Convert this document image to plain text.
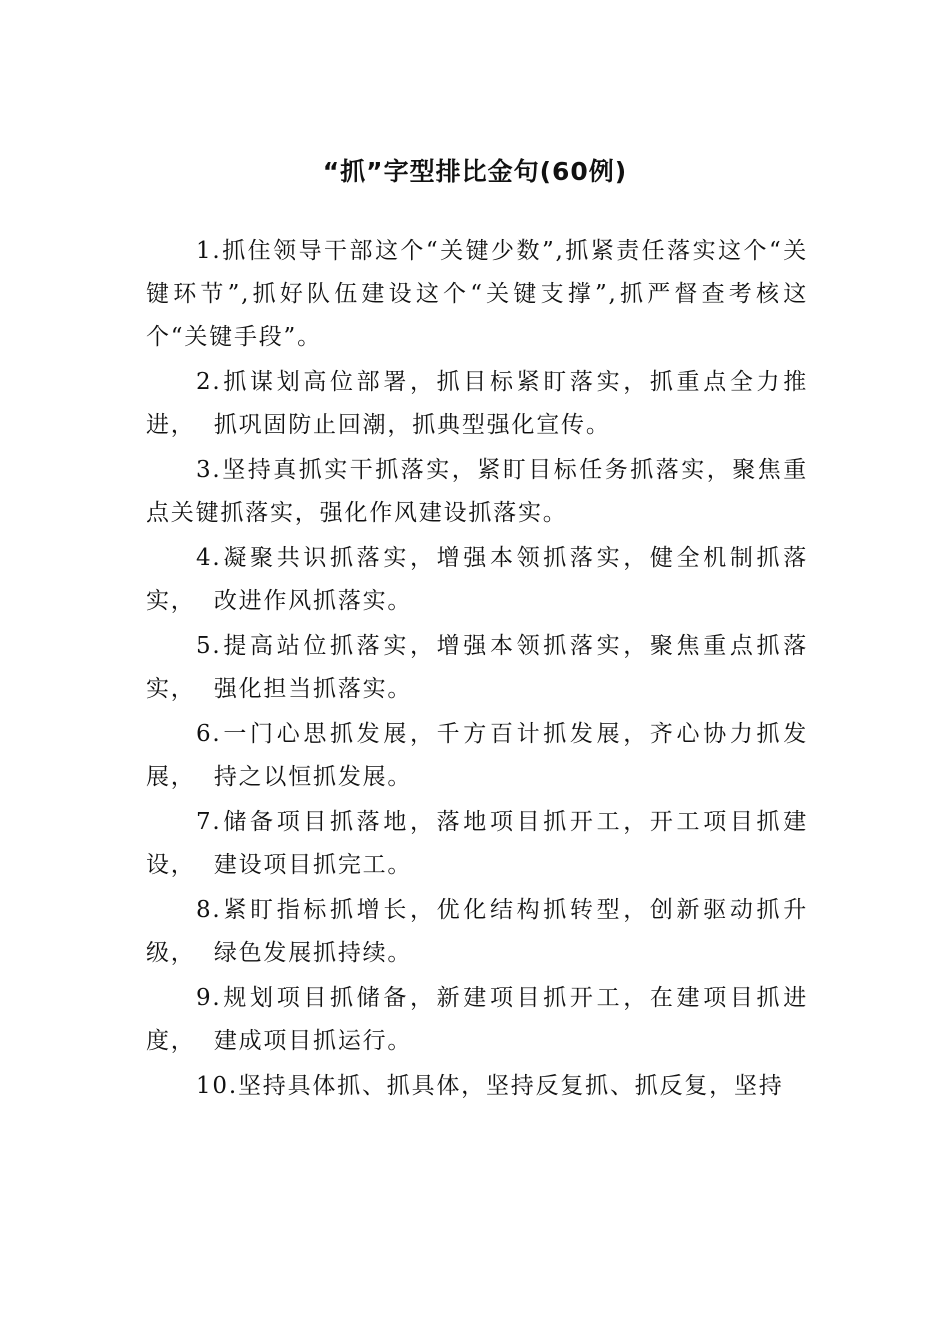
“抓”字型排比金句(60例)

1.抓住领导干部这个“关键少数”,抓紧责任落实这个“关键环节”,抓好队伍建设这个“关键支撑”,抓严督查考核这个“关键手段”。

2.抓谋划高位部署，抓目标紧盯落实，抓重点全力推进，  抓巩固防止回潮，抓典型强化宣传。

3.坚持真抓实干抓落实，紧盯目标任务抓落实，聚焦重点关键抓落实，强化作风建设抓落实。

4.凝聚共识抓落实，增强本领抓落实，健全机制抓落实，  改进作风抓落实。

5.提高站位抓落实，增强本领抓落实，聚焦重点抓落实，  强化担当抓落实。

6.一门心思抓发展，千方百计抓发展，齐心协力抓发展，  持之以恒抓发展。

7.储备项目抓落地，落地项目抓开工，开工项目抓建设，  建设项目抓完工。

8.紧盯指标抓增长，优化结构抓转型，创新驱动抓升级，  绿色发展抓持续。

9.规划项目抓储备，新建项目抓开工，在建项目抓进度，  建成项目抓运行。

10.坚持具体抓、抓具体，坚持反复抓、抓反复，坚持
